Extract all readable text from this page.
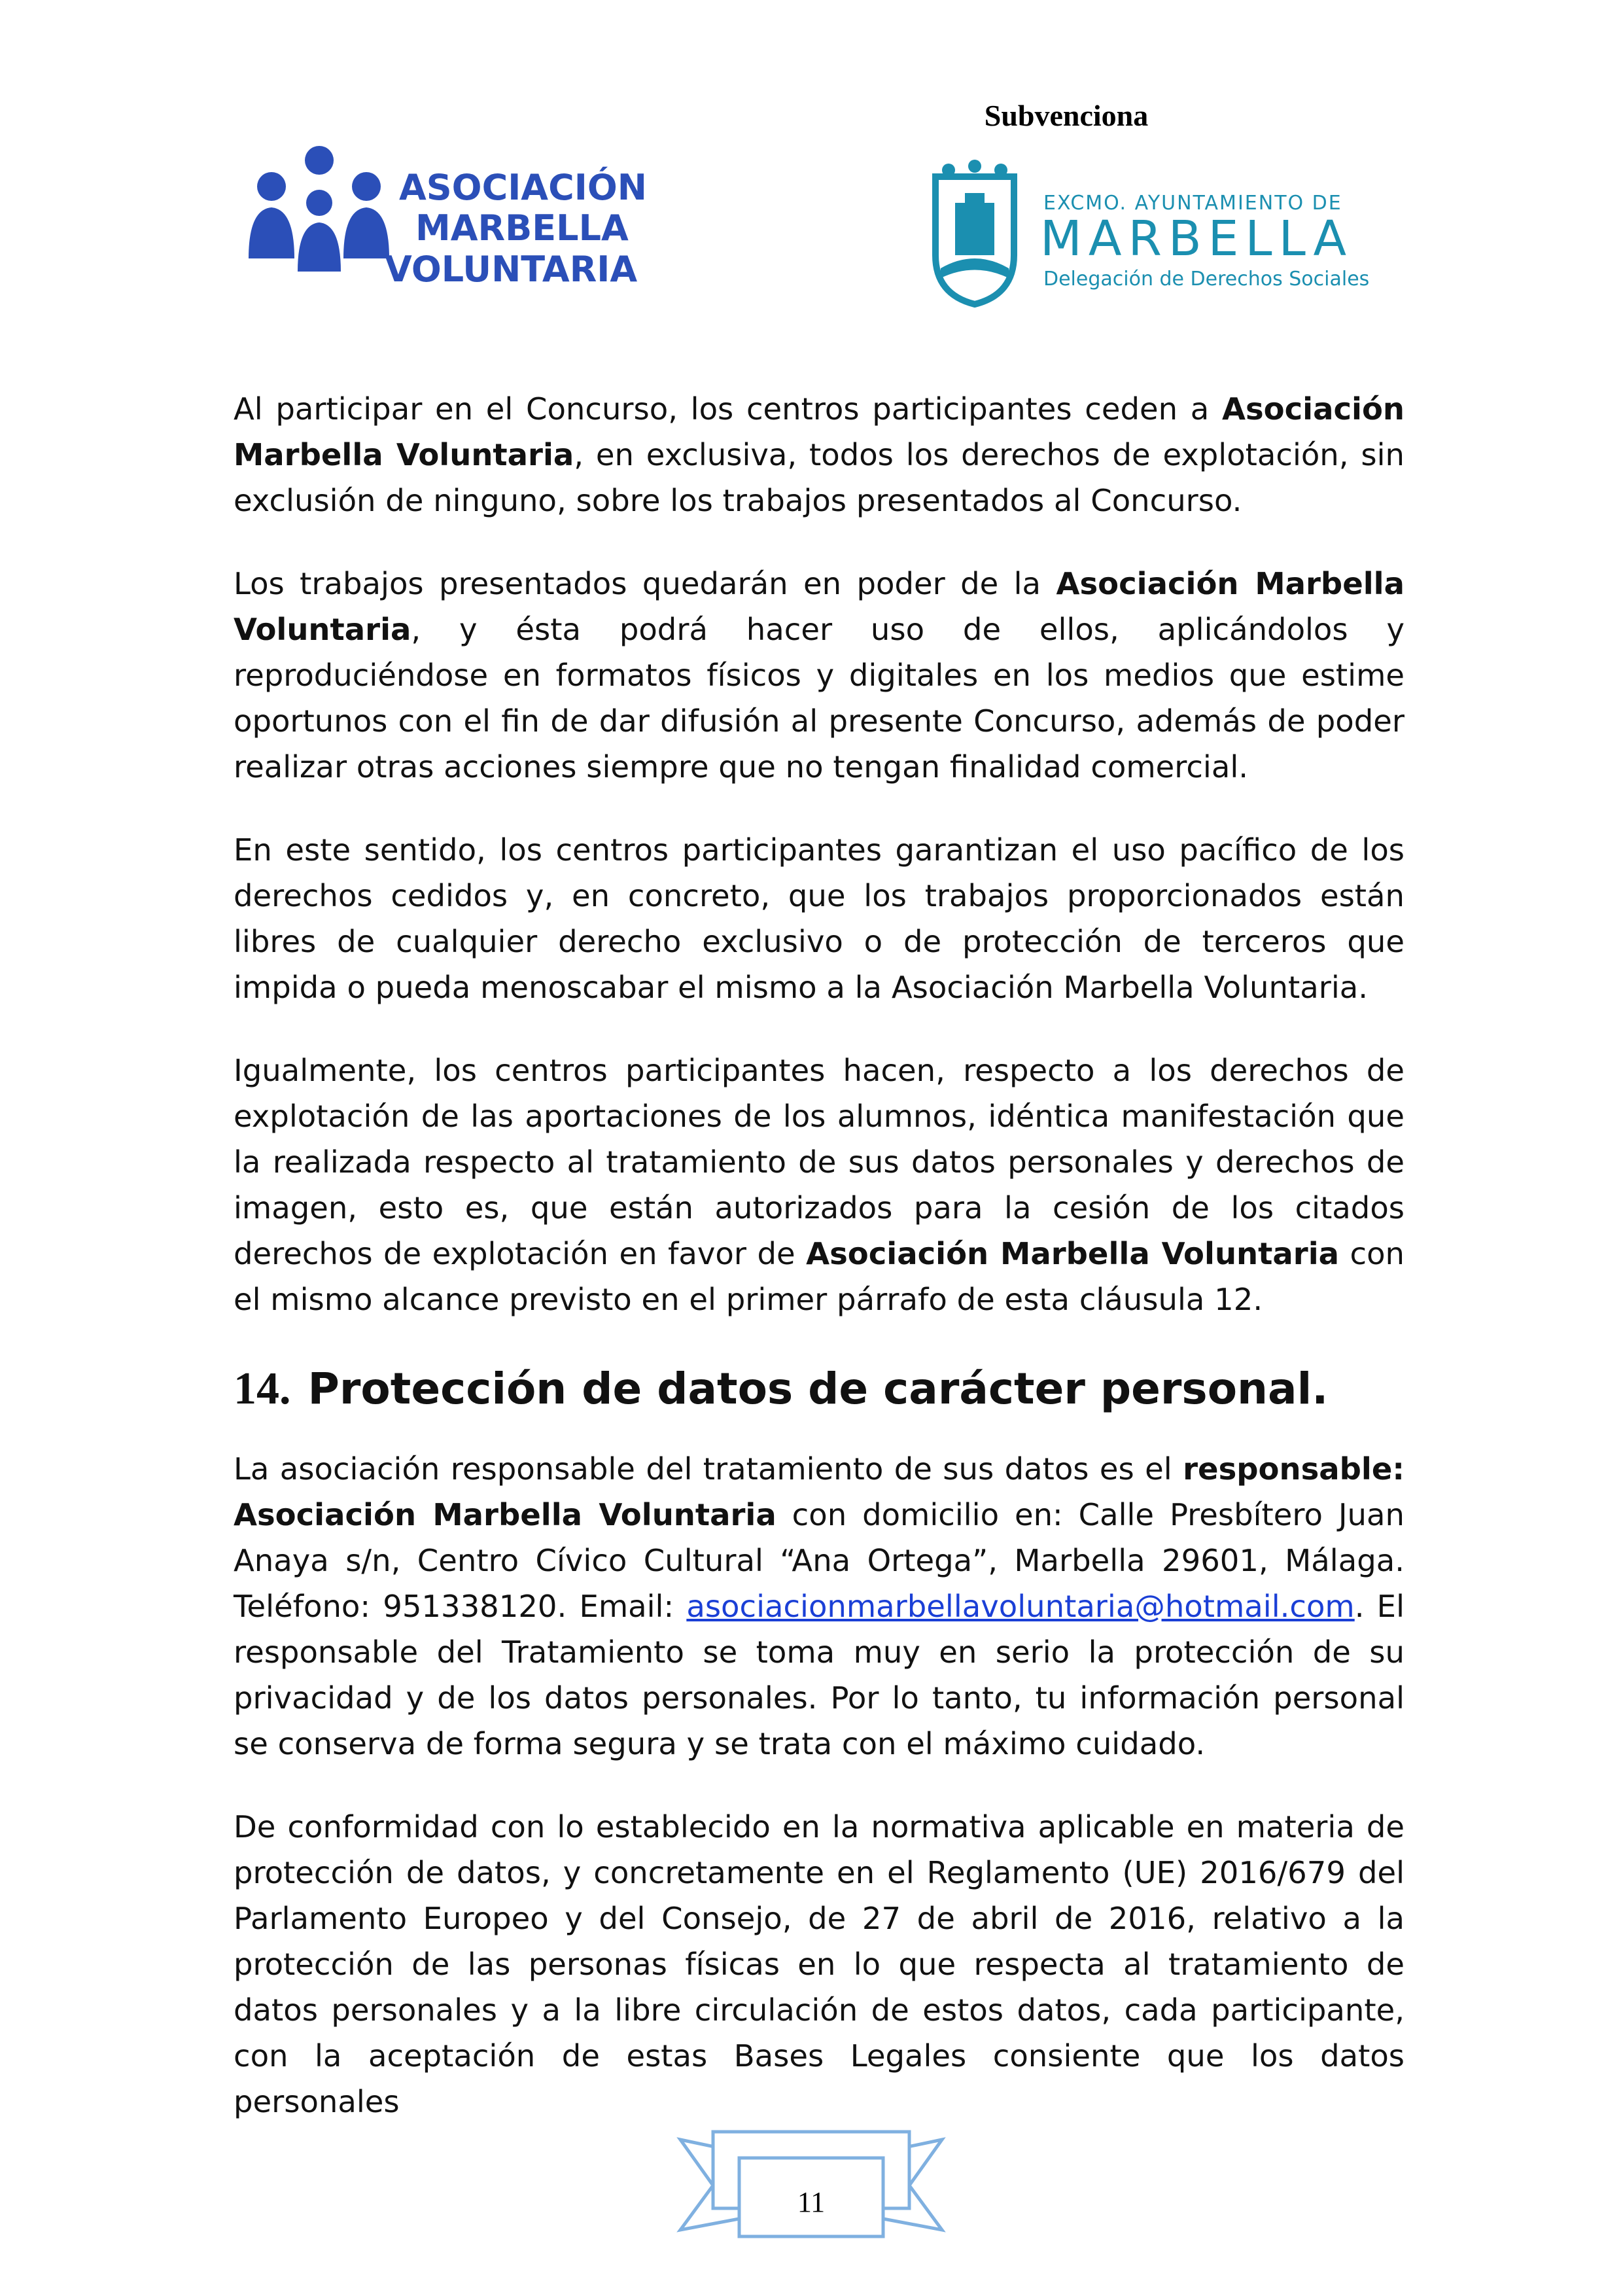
ASOCIACIÓN
MARBELLA
VOLUNTARIA
Subvenciona
EXCMO. AYUNTAMIENTO DE
MARBELLA
Delegación de Derechos Sociales

Al participar en el Concurso, los centros participantes ceden a Asociación Marbella Voluntaria, en exclusiva, todos los derechos de explotación, sin exclusión de ninguno, sobre los trabajos presentados al Concurso.

Los trabajos presentados quedarán en poder de la Asociación Marbella Voluntaria, y ésta podrá hacer uso de ellos, aplicándolos y reproduciéndose en formatos físicos y digitales en los medios que estime oportunos con el fin de dar difusión al presente Concurso, además de poder realizar otras acciones siempre que no tengan finalidad comercial.

En este sentido, los centros participantes garantizan el uso pacífico de los derechos cedidos y, en concreto, que los trabajos proporcionados están libres de cualquier derecho exclusivo o de protección de terceros que impida o pueda menoscabar el mismo a la Asociación Marbella Voluntaria.

Igualmente, los centros participantes hacen, respecto a los derechos de explotación de las aportaciones de los alumnos, idéntica manifestación que la realizada respecto al tratamiento de sus datos personales y derechos de imagen, esto es, que están autorizados para la cesión de los citados derechos de explotación en favor de Asociación Marbella Voluntaria con el mismo alcance previsto en el primer párrafo de esta cláusula 12.

14. Protección de datos de carácter personal.

La asociación responsable del tratamiento de sus datos es el responsable: Asociación Marbella Voluntaria con domicilio en: Calle Presbítero Juan Anaya s/n, Centro Cívico Cultural “Ana Ortega”, Marbella 29601, Málaga. Teléfono: 951338120. Email: asociacionmarbellavoluntaria@hotmail.com. El responsable del Tratamiento se toma muy en serio la protección de su privacidad y de los datos personales. Por lo tanto, tu información personal se conserva de forma segura y se trata con el máximo cuidado.

De conformidad con lo establecido en la normativa aplicable en materia de protección de datos, y concretamente en el Reglamento (UE) 2016/679 del Parlamento Europeo y del Consejo, de 27 de abril de 2016, relativo a la protección de las personas físicas en lo que respecta al tratamiento de datos personales y a la libre circulación de estos datos, cada participante, con la aceptación de estas Bases Legales consiente que los datos personales

11
